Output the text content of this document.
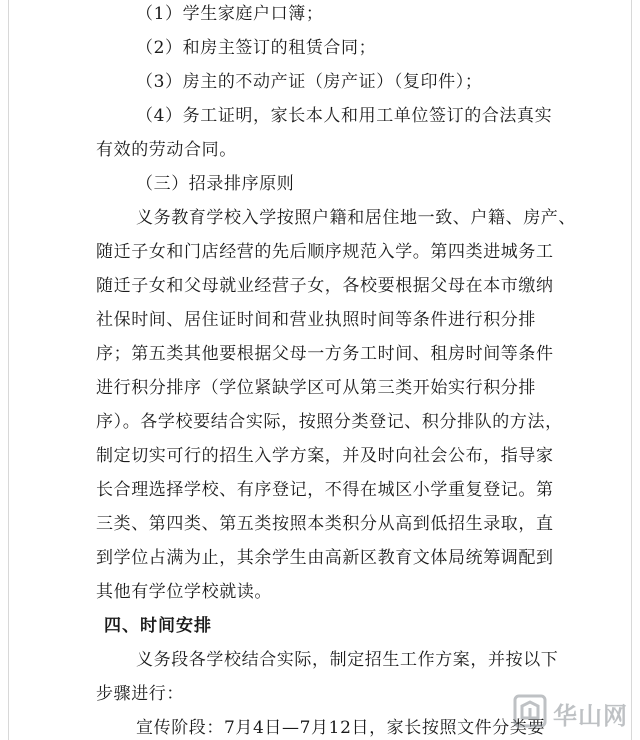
（1）学生家庭户口簿；
（2）和房主签订的租赁合同；
（3）房主的不动产证（房产证）（复印件）；
（4）务工证明，家长本人和用工单位签订的合法真实
有效的劳动合同。
（三）招录排序原则
义务教育学校入学按照户籍和居住地一致、户籍、房产、
随迁子女和门店经营的先后顺序规范入学。第四类进城务工
随迁子女和父母就业经营子女，各校要根据父母在本市缴纳
社保时间、居住证时间和营业执照时间等条件进行积分排
序；第五类其他要根据父母一方务工时间、租房时间等条件
进行积分排序（学位紧缺学区可从第三类开始实行积分排
序）。各学校要结合实际，按照分类登记、积分排队的方法，
制定切实可行的招生入学方案，并及时向社会公布，指导家
长合理选择学校、有序登记，不得在城区小学重复登记。第
三类、第四类、第五类按照本类积分从高到低招生录取，直
到学位占满为止，其余学生由高新区教育文体局统筹调配到
其他有学位学校就读。
四、时间安排
义务段各学校结合实际，制定招生工作方案，并按以下
步骤进行：
宣传阶段：7月4日—7月12日，家长按照文件分类要 华山网
